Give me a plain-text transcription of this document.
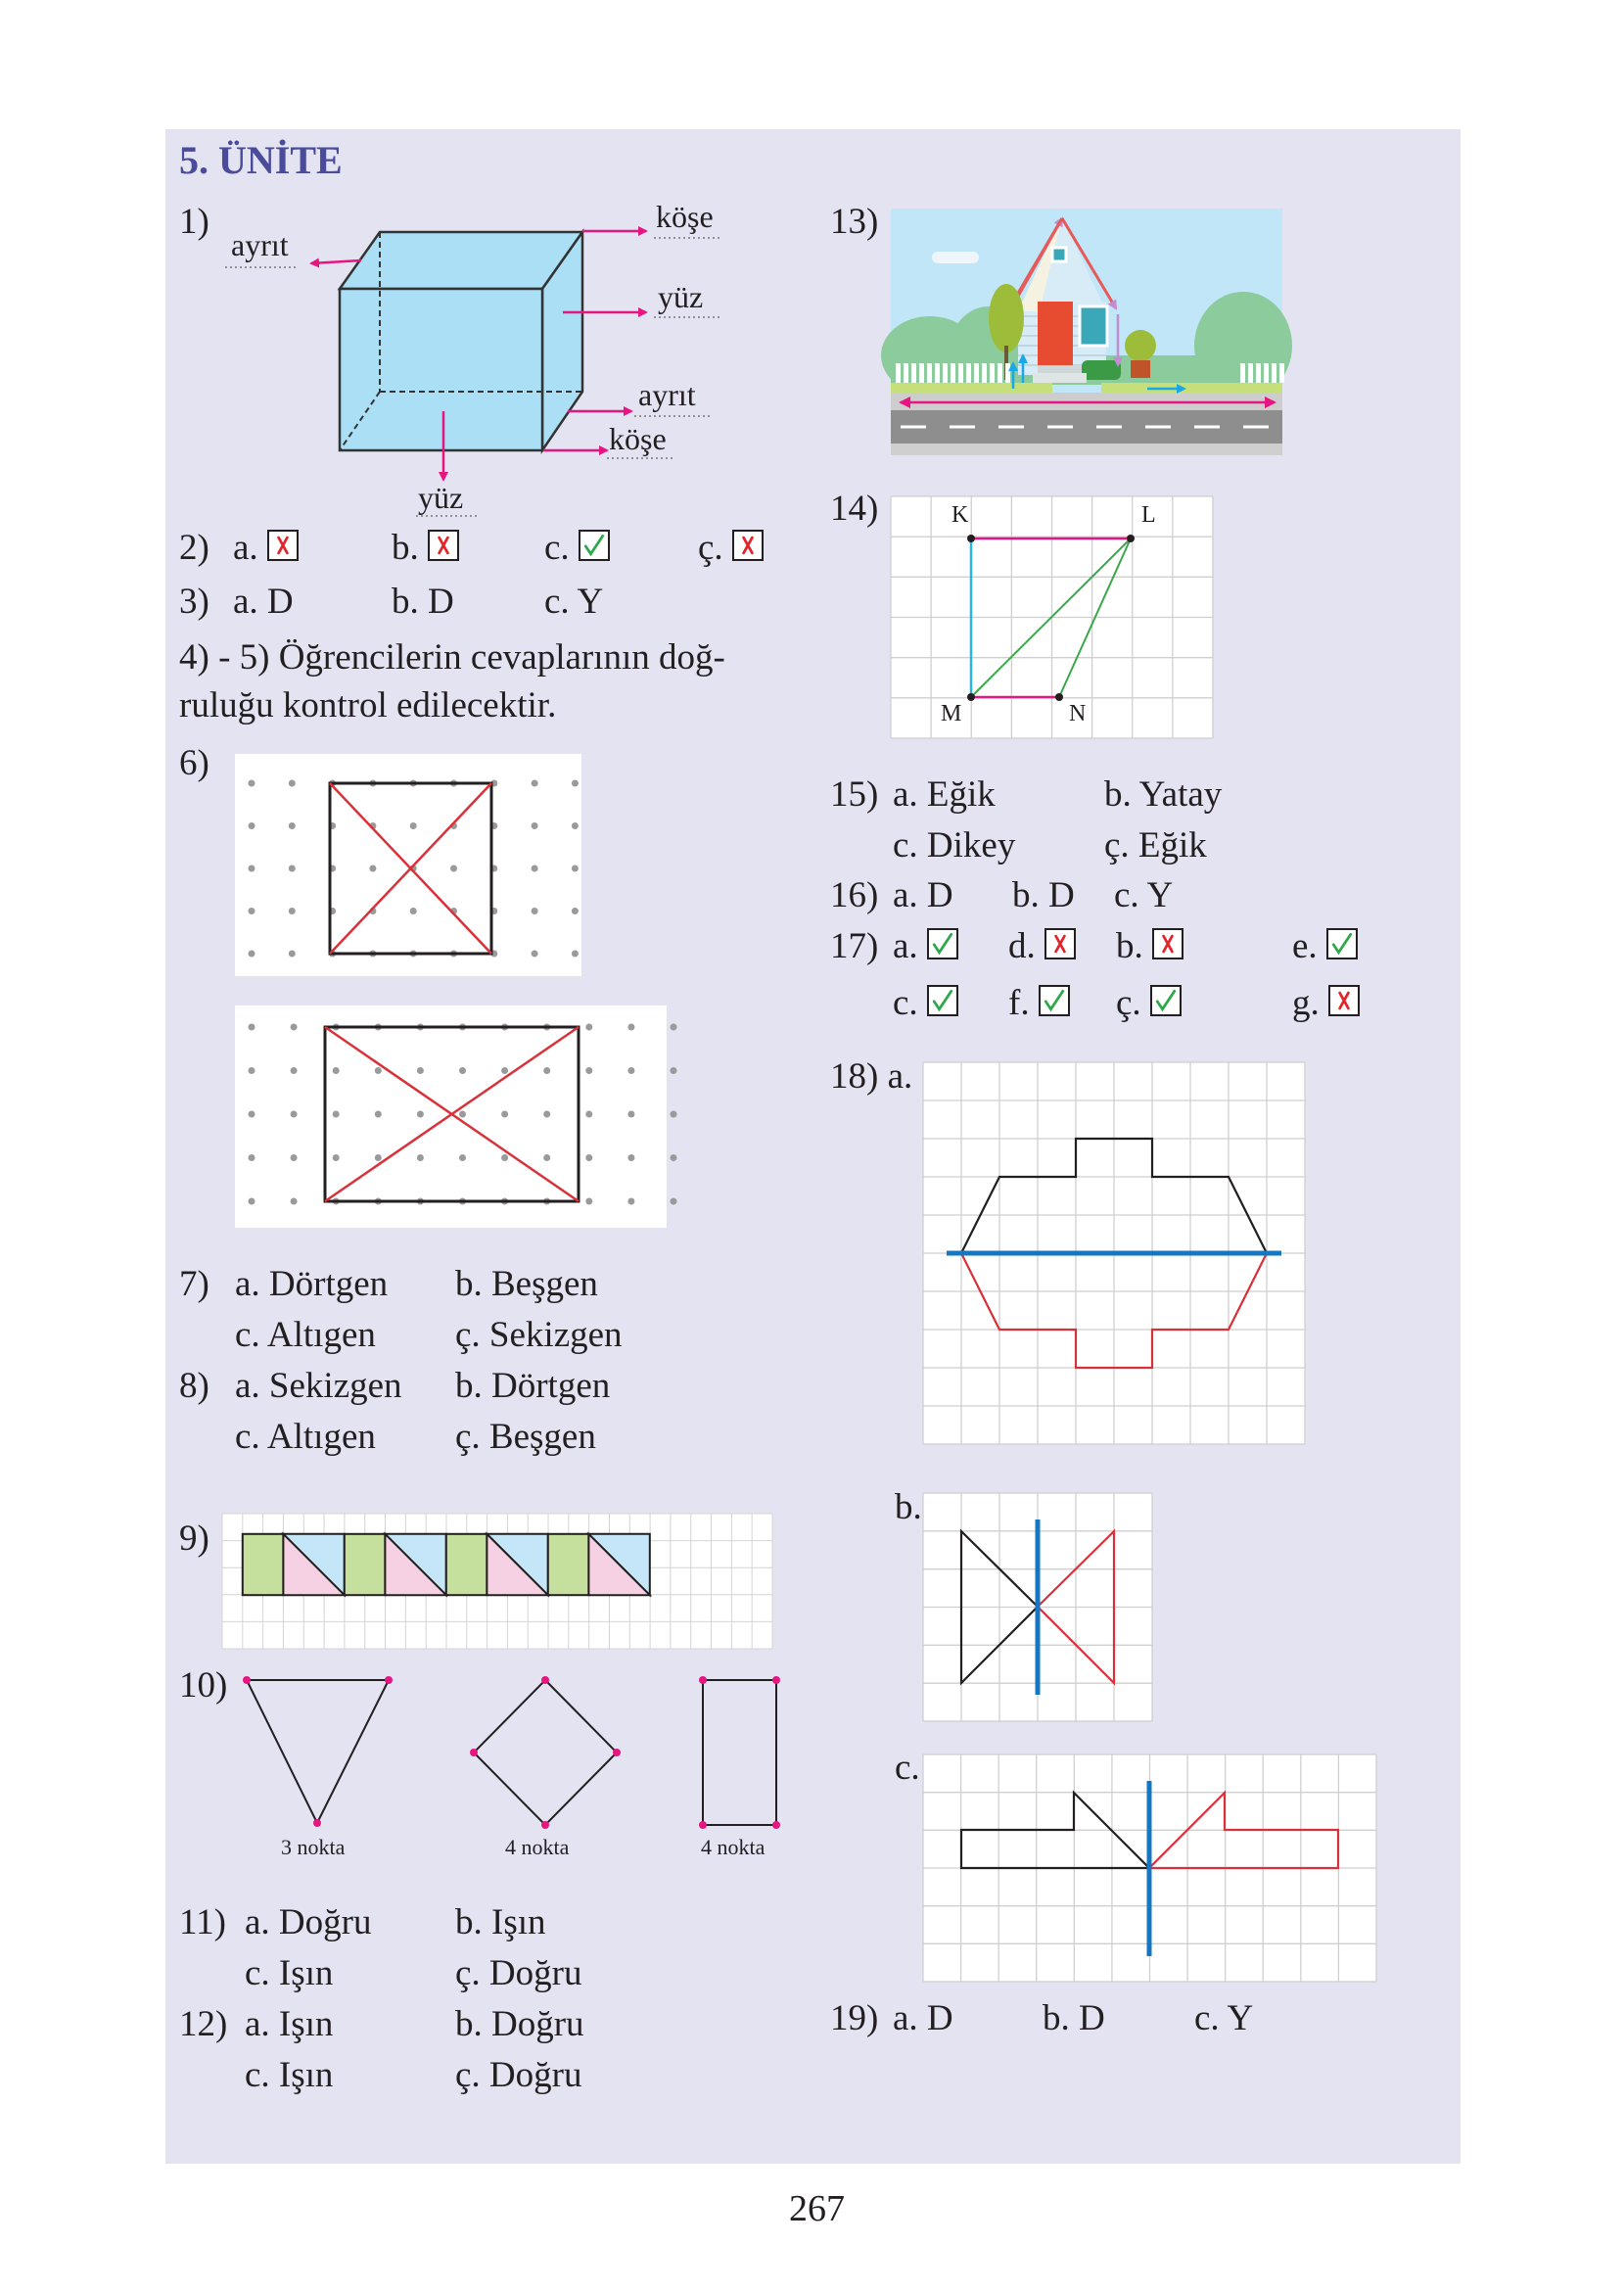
5. ÜNİTE
1)
ayrıt
köşe
yüz
ayrıt
köşe
yüz
2) a.	b.	c.	ç.
3) a. D	b. D c. Y
4) - 5) Öğrencilerin cevaplarının doğ-
ruluğu kontrol edilecektir.
6)
7) a. Dörtgen b. Beşgen
c. Altıgen ç. Sekizgen
8) a. Sekizgen b. Dörtgen
c. Altıgen ç. Beşgen
9)
10)
3 nokta	4 nokta	4 nokta
11) a. Doğru b. Işın
c. Işın	ç. Doğru
12) a. Işın	b. Doğru
c. Işın	ç. Doğru
13)
14)	K	L
M	N
15) a. Eğik	b. Yatay
c. Dikey ç. Eğik
16) a. D b. D c. Y
17) a.	d.	b.	e.
c.	f.	ç.	g.
18) a.
b.
c.
19) a. D b. D c. Y
267
